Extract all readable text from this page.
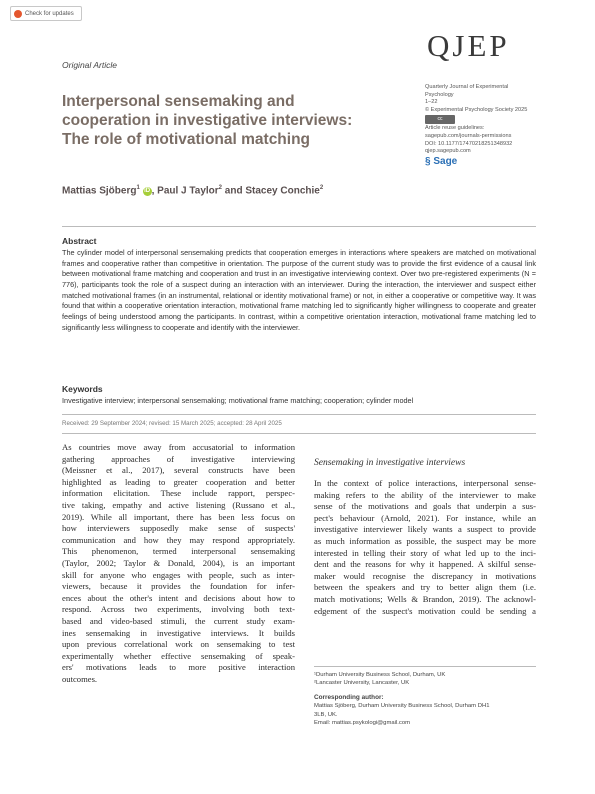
Check for updates
QJEP
Original Article
Interpersonal sensemaking and
cooperation in investigative interviews:
The role of motivational matching
Quarterly Journal of Experimental
Psychology
1–22
© Experimental Psychology Society 2025
cc
Article reuse guidelines:
sagepub.com/journals-permissions
DOI: 10.1177/17470218251348932
qjep.sagepub.com
§ Sage
Mattias Sjöberg$^1$ iD , Paul J Taylor$^2$ and Stacey Conchie$^2$
Abstract
The cylinder model of interpersonal sensemaking predicts that cooperation emerges in interactions where speakers are matched on motivational frames and cooperative rather than competitive in orientation. The purpose of the current study was to provide the first evidence of a causal link between motivational frame matching and cooperation and trust in an investigative interviewing context. Over two pre-registered experiments (N = 776), participants took the role of a suspect during an interaction with an interviewer. During the interaction, the interviewer and suspect either matched motivational frames (in an instrumental, relational or identity motivational frame) or not, in either a cooperative or competitive way. It was found that within a cooperative orientation interaction, motivational frame matching led to significantly higher willingness to cooperate and greater feelings of being understood among the participants. In contrast, within a competitive orientation interaction, motivational frame matching led to significantly less willingness to cooperate and identify with the interviewer.
Keywords
Investigative interview; interpersonal sensemaking; motivational frame matching; cooperation; cylinder model
Received: 29 September 2024; revised: 15 March 2025; accepted: 28 April 2025
As countries move away from accusatorial to information
gathering approaches of investigative interviewing
(Meissner et al., 2017), several constructs have been
highlighted as leading to greater cooperation and better
information elicitation. These include rapport, perspec-
tive taking, empathy and active listening (Russano et al.,
2019). While all important, there has been less focus on
how interviewers supposedly make sense of suspects'
communication and how they may respond appropriately.
This phenomenon, termed interpersonal sensemaking
(Taylor, 2002; Taylor & Donald, 2004), is an important
skill for anyone who engages with people, such as inter-
viewers, because it provides the foundation for infer-
ences about the other's intent and decisions about how to
respond. Across two experiments, involving both text-
based and video-based stimuli, the current study exam-
ines sensemaking in investigative interviews. It builds
upon previous correlational work on sensemaking to test
experimentally whether effective sensemaking of speak-
ers' motivations leads to more positive interaction
outcomes.
Sensemaking in investigative interviews
In the context of police interactions, interpersonal sense-
making refers to the ability of the interviewer to make
sense of the motivations and goals that underpin a sus-
pect's behaviour (Arnold, 2021). For instance, while an
investigative interviewer likely wants a suspect to provide
as much information as possible, the suspect may be more
interested in telling their story of what led up to the inci-
dent and the reasons for why it happened. A skilful sense-
maker would recognise the discrepancy in motivations
between the speakers and try to better align them (i.e.
match motivations; Wells & Brandon, 2019). The acknowl-
edgement of the suspect's motivation could be sending a
¹Durham University Business School, Durham, UK
²Lancaster University, Lancaster, UK
Corresponding author:
Mattias Sjöberg, Durham University Business School, Durham DH1
3LB, UK.
Email: mattias.psykologi@gmail.com
